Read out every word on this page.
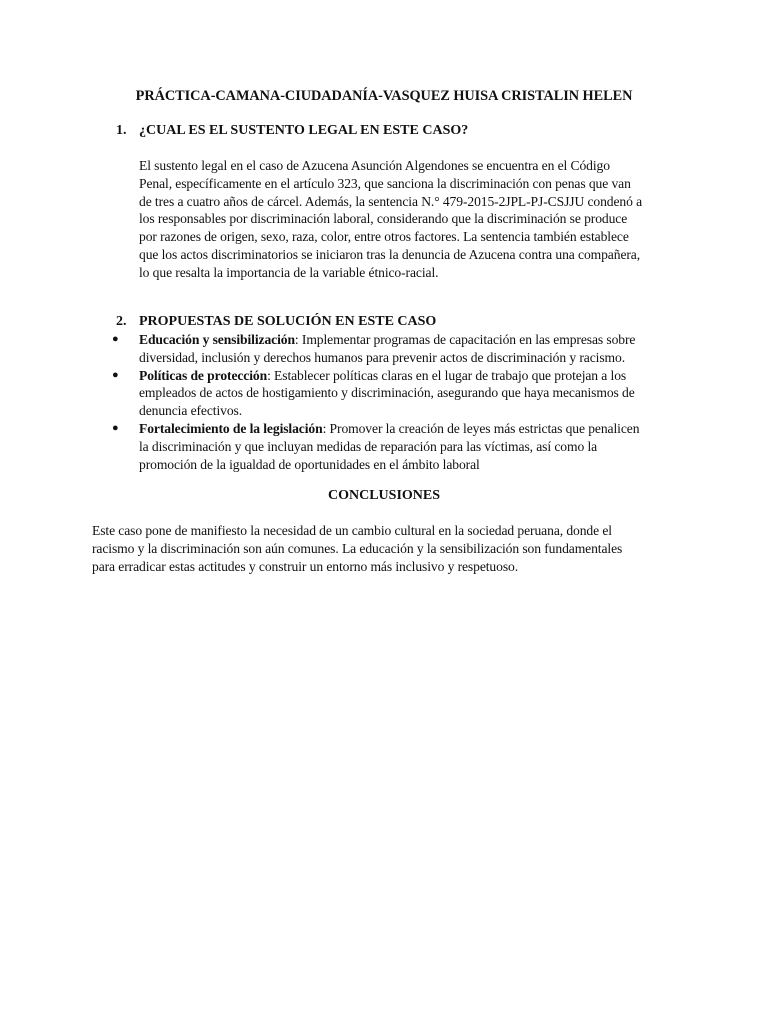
PRÁCTICA-CAMANA-CIUDADANÍA-VASQUEZ HUISA CRISTALIN HELEN
1. ¿CUAL ES EL SUSTENTO LEGAL EN ESTE CASO?
El sustento legal en el caso de Azucena Asunción Algendones se encuentra en el Código
Penal, específicamente en el artículo 323, que sanciona la discriminación con penas que van
de tres a cuatro años de cárcel. Además, la sentencia N.° 479-2015-2JPL-PJ-CSJJU condenó a
los responsables por discriminación laboral, considerando que la discriminación se produce
por razones de origen, sexo, raza, color, entre otros factores. La sentencia también establece
que los actos discriminatorios se iniciaron tras la denuncia de Azucena contra una compañera,
lo que resalta la importancia de la variable étnico-racial.
2. PROPUESTAS DE SOLUCIÓN EN ESTE CASO
● Educación y sensibilización: Implementar programas de capacitación en las empresas sobre
diversidad, inclusión y derechos humanos para prevenir actos de discriminación y racismo.
● Políticas de protección: Establecer políticas claras en el lugar de trabajo que protejan a los
empleados de actos de hostigamiento y discriminación, asegurando que haya mecanismos de
denuncia efectivos.
● Fortalecimiento de la legislación: Promover la creación de leyes más estrictas que penalicen
la discriminación y que incluyan medidas de reparación para las víctimas, así como la
promoción de la igualdad de oportunidades en el ámbito laboral
CONCLUSIONES
Este caso pone de manifiesto la necesidad de un cambio cultural en la sociedad peruana, donde el
racismo y la discriminación son aún comunes. La educación y la sensibilización son fundamentales
para erradicar estas actitudes y construir un entorno más inclusivo y respetuoso.
